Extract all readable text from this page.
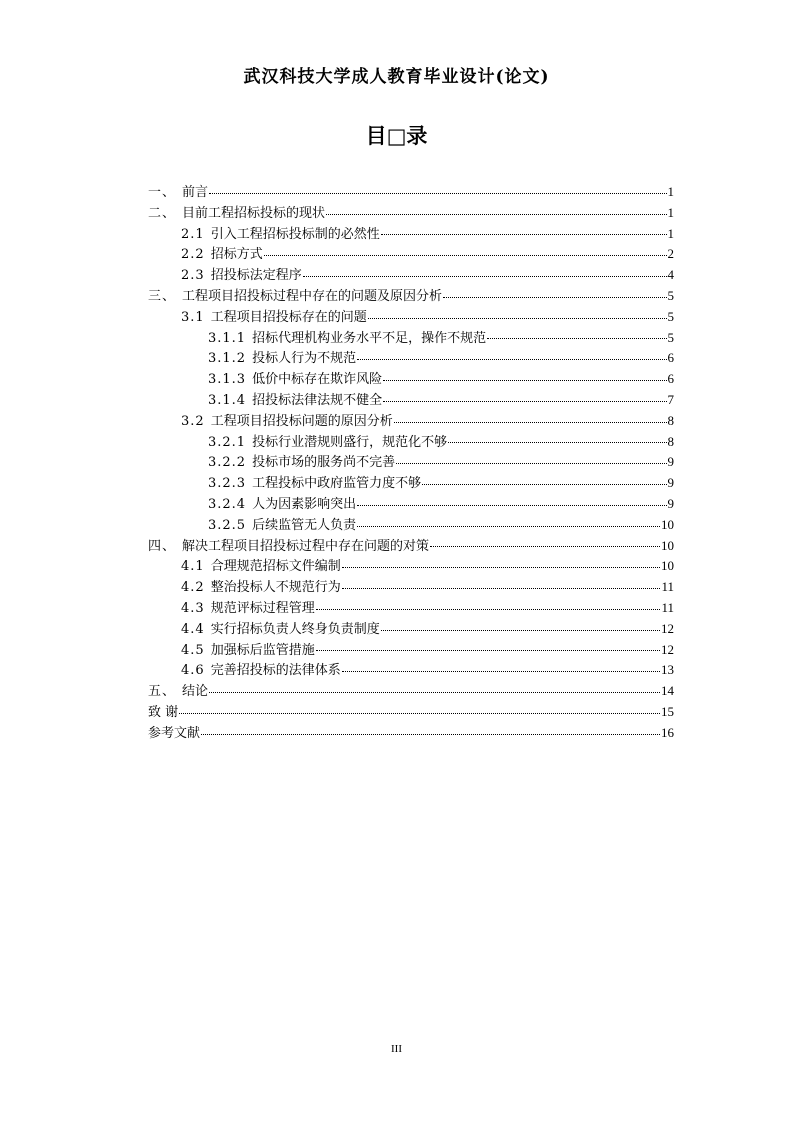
武汉科技大学成人教育毕业设计(论文)
目□录
一、 前言	1
二、 目前工程招标投标的现状	1
2.1 引入工程招标投标制的必然性	1
2.2 招标方式	2
2.3 招投标法定程序	4
三、 工程项目招投标过程中存在的问题及原因分析	5
3.1 工程项目招投标存在的问题	5
3.1.1 招标代理机构业务水平不足，操作不规范	5
3.1.2 投标人行为不规范	6
3.1.3 低价中标存在欺诈风险	6
3.1.4 招投标法律法规不健全	7
3.2 工程项目招投标问题的原因分析	8
3.2.1 投标行业潜规则盛行，规范化不够	8
3.2.2 投标市场的服务尚不完善	9
3.2.3 工程投标中政府监管力度不够	9
3.2.4 人为因素影响突出	9
3.2.5 后续监管无人负责	10
四、 解决工程项目招投标过程中存在问题的对策	10
4.1 合理规范招标文件编制	10
4.2 整治投标人不规范行为	11
4.3 规范评标过程管理	11
4.4 实行招标负责人终身负责制度	12
4.5 加强标后监管措施	12
4.6 完善招投标的法律体系	13
五、 结论	14
致 谢	15
参考文献	16
III
